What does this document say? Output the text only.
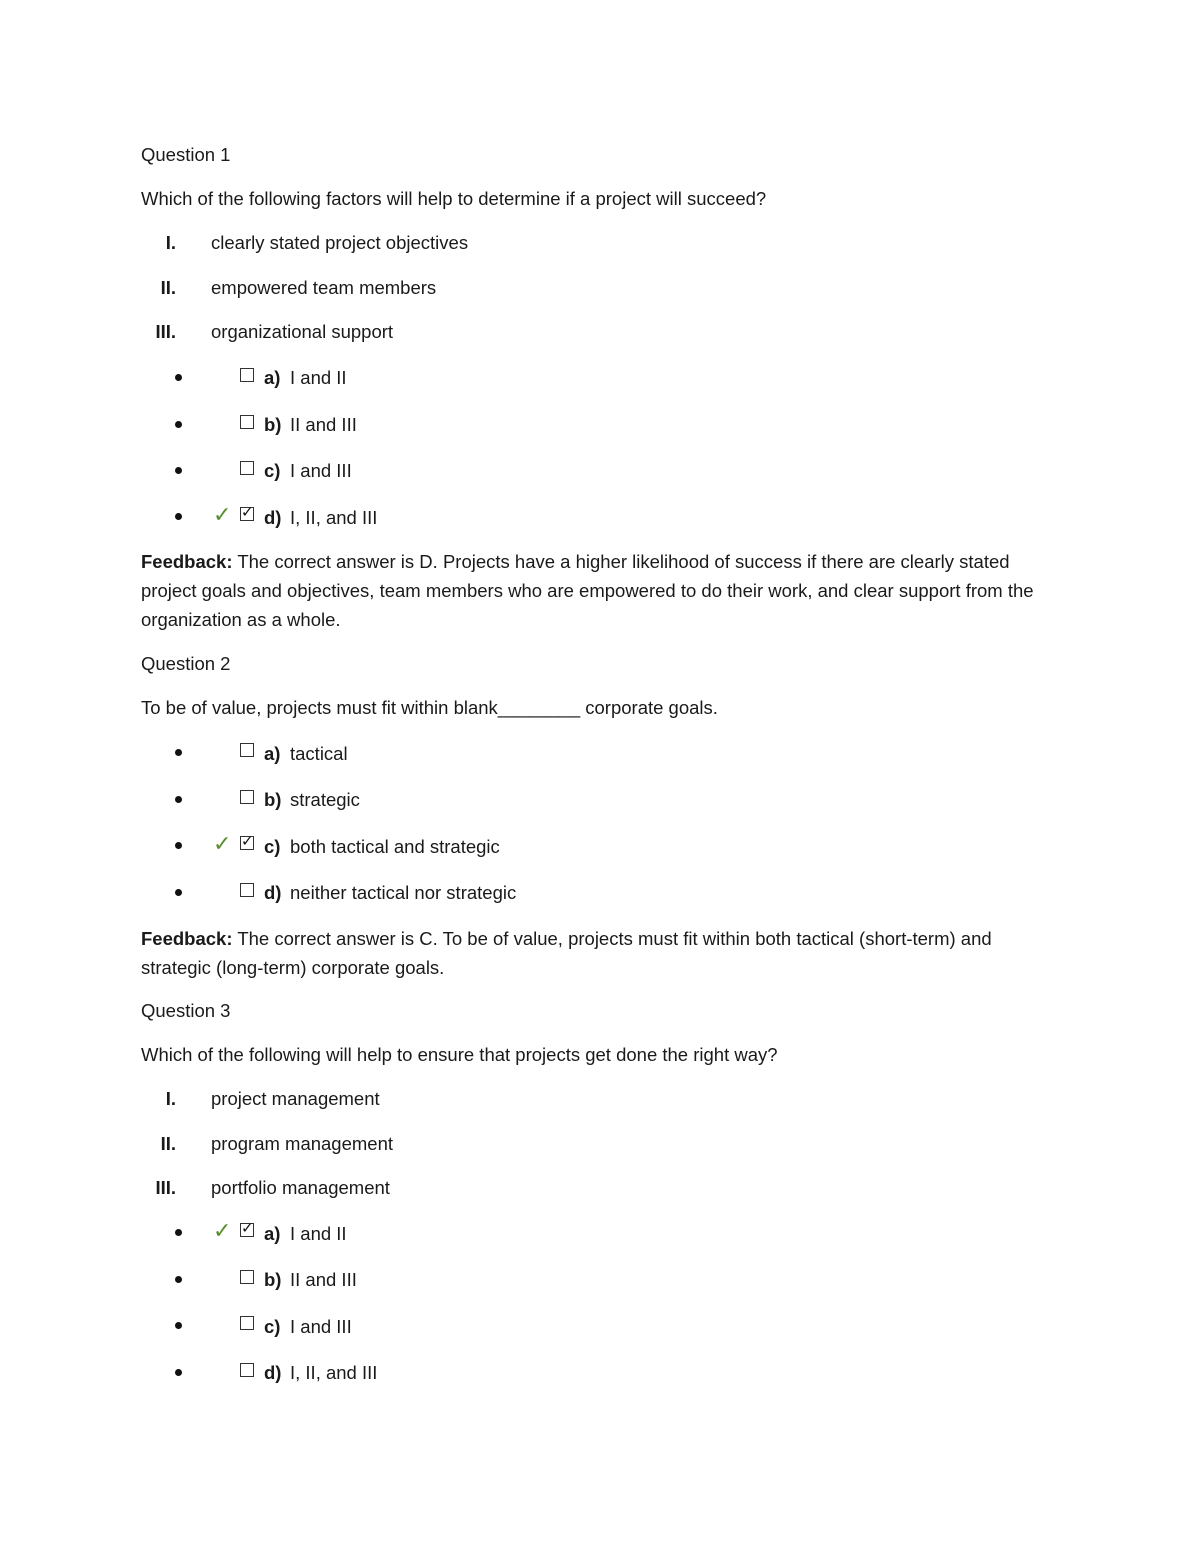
Question 1
Which of the following factors will help to determine if a project will succeed?
I. clearly stated project objectives
II. empowered team members
III. organizational support
a) I and II
b) II and III
c) I and III
✓ ✓ d) I, II, and III
Feedback: The correct answer is D. Projects have a higher likelihood of success if there are clearly stated project goals and objectives, team members who are empowered to do their work, and clear support from the organization as a whole.
Question 2
To be of value, projects must fit within blank________ corporate goals.
a) tactical
b) strategic
✓ ✓ c) both tactical and strategic
d) neither tactical nor strategic
Feedback: The correct answer is C. To be of value, projects must fit within both tactical (short-term) and strategic (long-term) corporate goals.
Question 3
Which of the following will help to ensure that projects get done the right way?
I. project management
II. program management
III. portfolio management
✓ ✓ a) I and II
b) II and III
c) I and III
d) I, II, and III
